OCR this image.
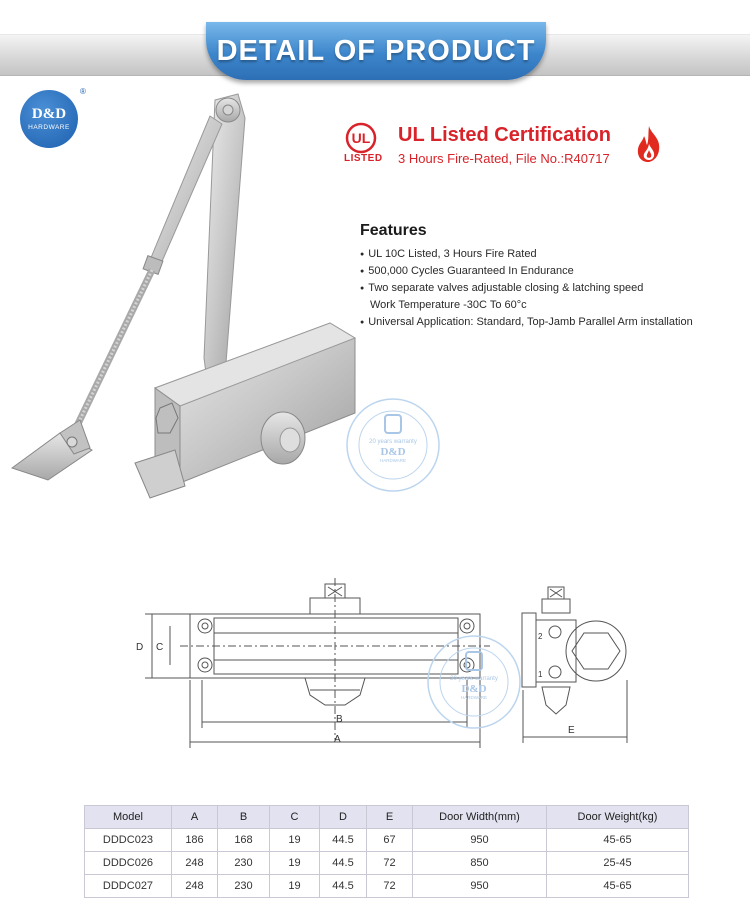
DETAIL OF PRODUCT
D&D
HARDWARE
®
UL
LISTED
UL Listed Certification
3 Hours Fire-Rated, File No.:R40717
Features
● UL 10C Listed, 3 Hours Fire Rated
● 500,000 Cycles Guaranteed In Endurance
● Two separate valves adjustable closing & latching speed
Work Temperature -30C To 60°c
● Universal Application: Standard, Top-Jamb Parallel Arm installation
20 years warranty
D&D
HARDWARE
D C
B
A
E
2
1
20 years warranty
D&D
HARDWARE
Model	A	B	C	D	E	Door Width(mm)	Door Weight(kg)
DDDC023	186	168	19	44.5	67	950	45-65
DDDC026	248	230	19	44.5	72	850	25-45
DDDC027	248	230	19	44.5	72	950	45-65
